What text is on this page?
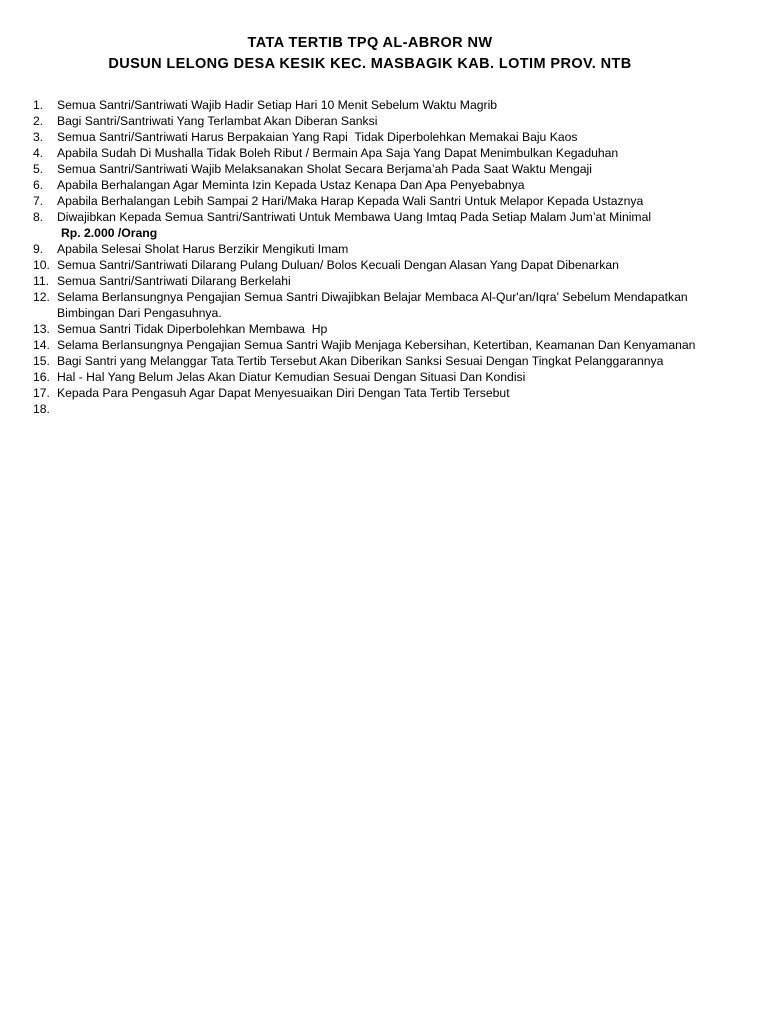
TATA TERTIB TPQ AL-ABROR NW
DUSUN LELONG DESA KESIK KEC. MASBAGIK KAB. LOTIM PROV. NTB
1.	Semua Santri/Santriwati Wajib Hadir Setiap Hari 10 Menit Sebelum Waktu Magrib
2.	Bagi Santri/Santriwati Yang Terlambat Akan Diberan Sanksi
3.	Semua Santri/Santriwati Harus Berpakaian Yang Rapi  Tidak Diperbolehkan Memakai Baju Kaos
4.	Apabila Sudah Di Mushalla Tidak Boleh Ribut / Bermain Apa Saja Yang Dapat Menimbulkan Kegaduhan
5.	Semua Santri/Santriwati Wajib Melaksanakan Sholat Secara Berjama’ah Pada Saat Waktu Mengaji
6.	Apabila Berhalangan Agar Meminta Izin Kepada Ustaz Kenapa Dan Apa Penyebabnya
7.	Apabila Berhalangan Lebih Sampai 2 Hari/Maka Harap Kepada Wali Santri Untuk Melapor Kepada Ustaznya
8.	Diwajibkan Kepada Semua Santri/Santriwati Untuk Membawa Uang Imtaq Pada Setiap Malam Jum’at Minimal
Rp. 2.000 /Orang
9.	Apabila Selesai Sholat Harus Berzikir Mengikuti Imam
10. Semua Santri/Santriwati Dilarang Pulang Duluan/ Bolos Kecuali Dengan Alasan Yang Dapat Dibenarkan
11. Semua Santri/Santriwati Dilarang Berkelahi
12. Selama Berlansungnya Pengajian Semua Santri Diwajibkan Belajar Membaca Al-Qur'an/Iqra' Sebelum Mendapatkan Bimbingan Dari Pengasuhnya.
13. Semua Santri Tidak Diperbolehkan Membawa  Hp
14. Selama Berlansungnya Pengajian Semua Santri Wajib Menjaga Kebersihan, Ketertiban, Keamanan Dan Kenyamanan
15. Bagi Santri yang Melanggar Tata Tertib Tersebut Akan Diberikan Sanksi Sesuai Dengan Tingkat Pelanggarannya
16. Hal - Hal Yang Belum Jelas Akan Diatur Kemudian Sesuai Dengan Situasi Dan Kondisi
17. Kepada Para Pengasuh Agar Dapat Menyesuaikan Diri Dengan Tata Tertib Tersebut
18.
